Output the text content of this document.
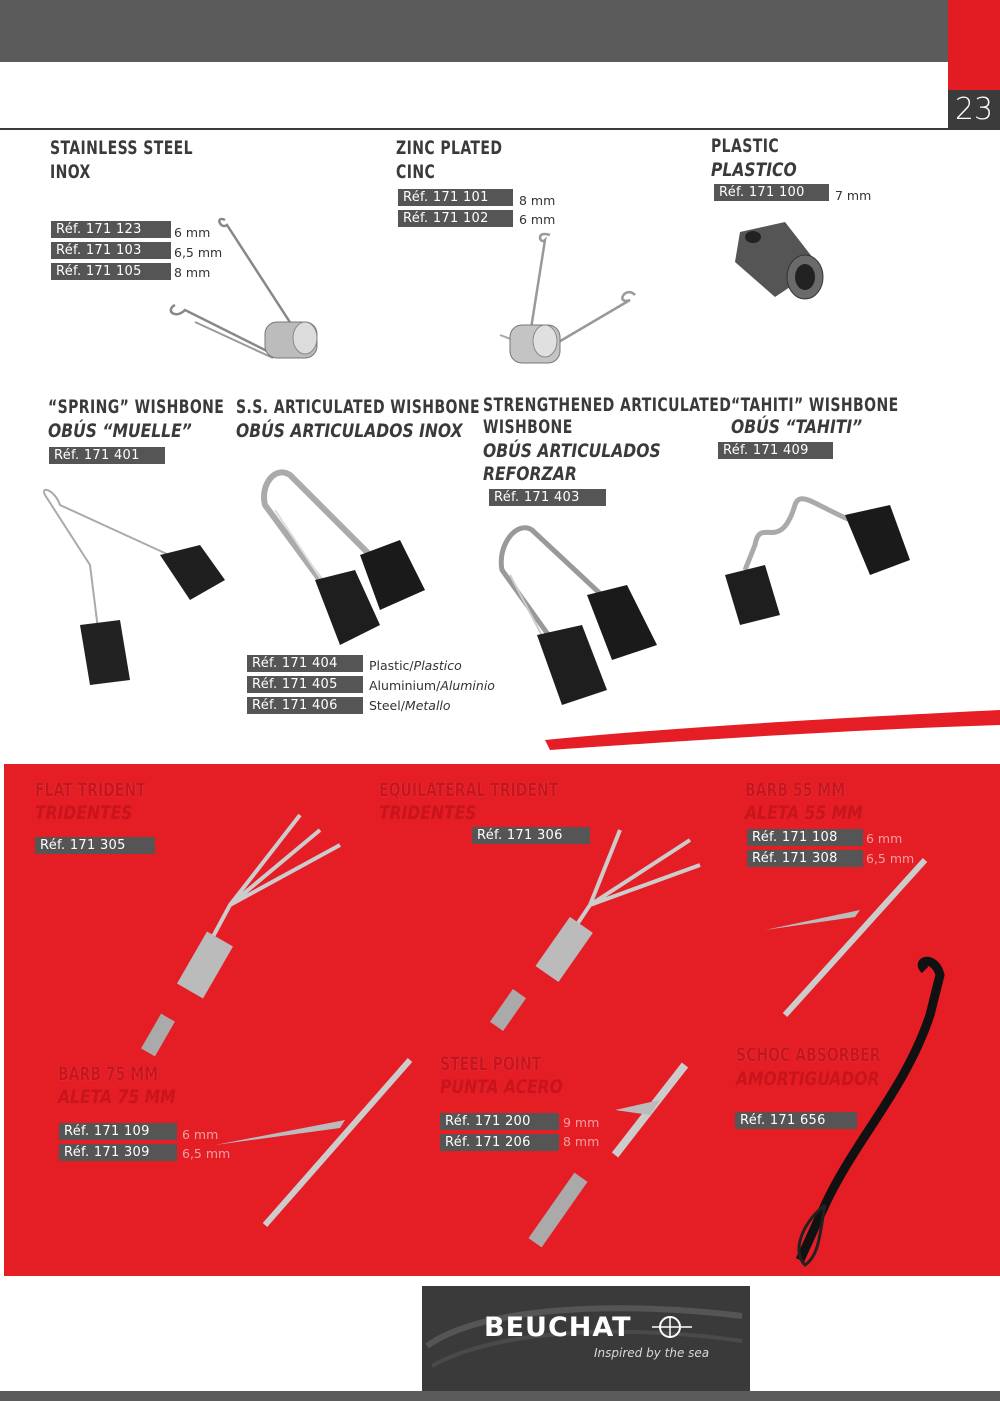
23
STAINLESS STEEL
INOX
Réf. 171 123	6 mm
Réf. 171 103	6,5 mm
Réf. 171 105	8 mm
ZINC PLATED
CINC
Réf. 171 101	8 mm
Réf. 171 102	6 mm
PLASTIC
PLASTICO
Réf. 171 100	7 mm
“SPRING” WISHBONE
OBÚS “MUELLE”
Réf. 171 401
S.S. ARTICULATED WISHBONE
OBÚS ARTICULADOS INOX
Réf. 171 404	Plastic/Plastico
Réf. 171 405	Aluminium/Aluminio
Réf. 171 406	Steel/Metallo
STRENGTHENED ARTICULATED
WISHBONE
OBÚS ARTICULADOS
REFORZAR
Réf. 171 403
“TAHITI” WISHBONE
OBÚS “TAHITI”
Réf. 171 409
FLAT TRIDENT
TRIDENTES
Réf. 171 305
EQUILATERAL TRIDENT
TRIDENTES
Réf. 171 306
BARB 55 MM
ALETA 55 MM
Réf. 171 108	6 mm
Réf. 171 308	6,5 mm
BARB 75 MM
ALETA 75 MM
Réf. 171 109	6 mm
Réf. 171 309	6,5 mm
STEEL POINT
PUNTA ACERO
Réf. 171 200	9 mm
Réf. 171 206	8 mm
SCHOC ABSORBER
AMORTIGUADOR
Réf. 171 656
BEUCHAT
Inspired by the sea
